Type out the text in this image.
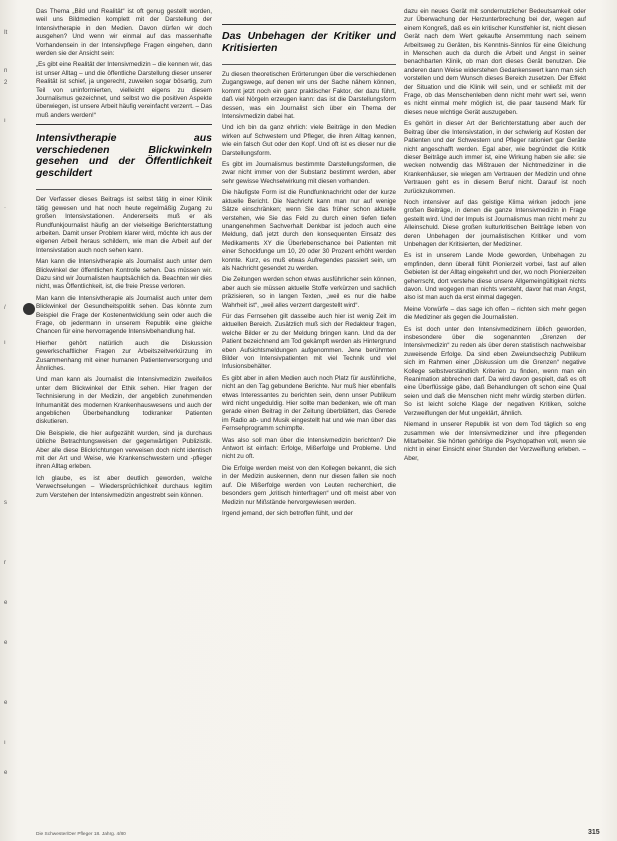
It
n
2
ı
·
/
ı
s
r
e
e
e
ı
e

Das Thema „Bild und Realität“ ist oft genug gestellt worden, weil uns Bildmedien komplett mit der Darstellung der Intensivtherapie in den Medien. Davon dürfen wir doch ausgehen? Und wenn wir einmal auf das massenhafte Vorhandensein in der Intensivpflege Fragen eingehen, dann werden sie der Ansicht sein:

„Es gibt eine Realität der Intensivmedizin – die kennen wir, das ist unser Alltag – und die öffentliche Darstellung dieser unserer Realität ist schief, ja ungerecht, zuweilen sogar bösartig, zum Teil von uninformierten, vielleicht eigens zu diesem Journalismus gezeichnet, und selbst wo die positiven Aspekte überwiegen, ist unsere Arbeit häufig vereinfacht verzerrt. – Das muß anders werden!“

Intensivtherapie aus verschiedenen Blickwinkeln gesehen und der Öffentlichkeit geschildert

Der Verfasser dieses Beitrags ist selbst tätig in einer Klinik tätig gewesen und hat noch heute regelmäßig Zugang zu großen Intensivstationen. Andererseits muß er als Rundfunkjournalist häufig an der vielseitige Berichterstattung arbeiten. Damit unser Problem klarer wird, möchte ich aus der eigenen Arbeit heraus schildern, wie man die Arbeit auf der Intensivstation auch noch sehen kann.

Man kann die Intensivtherapie als Journalist auch unter dem Blickwinkel der öffentlichen Kontrolle sehen. Das müssen wir. Dazu sind wir Journalisten hauptsächlich da. Beachten wir dies nicht, was Öffentlichkeit, ist, die freie Presse verloren.

Man kann die Intensivtherapie als Journalist auch unter dem Blickwinkel der Gesundheitspolitik sehen. Das könnte zum Beispiel die Frage der Kostenentwicklung sein oder auch die Frage, ob jedermann in unserem Republik eine gleiche Chancen für eine hervorragende Intensivbehandlung hat.

Hierher gehört natürlich auch die Diskussion gewerkschaftlicher Fragen zur Arbeitszeitverkürzung im Zusammenhang mit einer humanen Patientenversorgung und Ähnliches.

Und man kann als Journalist die Intensivmedizin zweifellos unter dem Blickwinkel der Ethik sehen. Hier fragen der Technisierung in der Medizin, der angeblich zunehmenden Inhumanität des modernen Krankenhauswesens und auch der angeblichen Überbehandlung todkranker Patienten diskutieren.

Die Beispiele, die hier aufgezählt wurden, sind ja durchaus übliche Betrachtungsweisen der gegenwärtigen Publizistik. Aber alle diese Blickrichtungen verweisen doch nicht identisch mit der Art und Weise, wie Krankenschwestern und -pfleger ihren Alltag erleben.

Ich glaube, es ist aber deutlich geworden, welche Verwechselungen – Wiedersprüchlichkeit durchaus legitim zum Verstehen der Intensivmedizin angestrebt sein können.

Das Unbehagen der Kritiker und Kritisierten

Zu diesen theoretischen Erörterungen über die verschiedenen Zugangswege, auf denen wir uns der Sache nähern können, kommt jetzt noch ein ganz praktischer Faktor, der dazu führt, daß viel Nörgeln erzeugen kann: das ist die Darstellungsform dessen, was ein Journalist sich über ein Thema der Intensivmedizin dabei hat.

Und ich bin da ganz ehrlich: viele Beiträge in den Medien wirken auf Schwestern und Pfleger, die ihren Alltag kennen, wie ein falsch Gut oder den Kopf. Und oft ist es dieser nur die Darstellungsform.

Es gibt im Journalismus bestimmte Darstellungsformen, die zwar nicht immer von der Substanz bestimmt werden, aber sehr gewisse Wechselwirkung mit diesen vorhanden.

Die häufigste Form ist die Rundfunknachricht oder der kurze aktuelle Bericht. Die Nachricht kann man nur auf wenige Sätze einschränken; wenn Sie das früher schon aktuelle verstehen, wie Sie das Feld zu durch einen tiefen tiefen unangenehmen Sachverhalt Denkbar ist jedoch auch eine Meldung, daß jetzt durch den konsequenten Einsatz des Medikaments XY die Überlebenschance bei Patienten mit einer Schockfunge um 10, 20 oder 30 Prozent erhöht werden konnte. Kurz, es muß etwas Aufregendes passiert sein, um als Nachricht gesendet zu werden.

Die Zeitungen werden schon etwas ausführlicher sein können, aber auch sie müssen aktuelle Stoffe verkürzen und sachlich präzisieren, so in langen Texten, „weil es nur die halbe Wahrheit ist“, „weil alles verzerrt dargestellt wird“.

Für das Fernsehen gilt dasselbe auch hier ist wenig Zeit im aktuellen Bereich. Zusätzlich muß sich der Redakteur fragen, welche Bilder er zu der Meldung bringen kann. Und da der Patient bezeichnend am Tod gekämpft werden als Hintergrund eben Aufsichtsmeldungen aufgenommen. Jene berühmten Bilder von Intensivpatienten mit viel Technik und viel Infusionsbehälter.

Es gibt aber in allen Medien auch noch Platz für ausführliche, nicht an den Tag gebundene Berichte. Nur muß hier ebenfalls etwas Interessantes zu berichten sein, denn unser Publikum wird nicht ungeduldig. Hier sollte man bedenken, wie oft man gerade einen Beitrag in der Zeitung überblättert, das Gerede im Radio ab- und Musik eingestellt hat und wie man über das Fernsehprogramm schimpfte.

Was also soll man über die Intensivmedizin berichten? Die Antwort ist einfach: Erfolge, Mißerfolge und Probleme. Und nicht zu oft.

Die Erfolge werden meist von den Kollegen bekannt, die sich in der Medizin auskennen, denn nur diesen fallen sie noch auf. Die Mißerfolge werden von Leuten recherchiert, die besonders gern „kritisch hinterfragen“ und oft meist aber von Medizin nur Mißstände hervorgewiesen werden.

Irgend jemand, der sich betroffen fühlt, und der

dazu ein neues Gerät mit sondernutzlicher Bedeutsamkeit oder zur Überwachung der Herzunterbrechung bei der, wegen auf einem Kongreß, daß es ein kritischer Kunstfehler ist, nicht diesen Gerät nach dem Wert gekaufte Ansemmtung nach seinem Arbeitsweg zu Geräten, bis Kenntnis-Sinnlos für eine Gleichung in Menschen auch da durch die Arbeit und Angst in seiner benachbarten Klinik, ob man dort dieses Gerät benutzen. Die anderen dann Weise widerstehen Gedankenswert kann man sich vorstellen und dem Wunsch dieses Bereich zusetzen. Der Effekt der Situation und die Klinik will sein, und er schließt mit der Frage, ob das Menschenleben denn nicht mehr wert sei, wenn es nicht einmal mehr möglich ist, die paar tausend Mark für dieses neue wichtige Gerät auszugeben.

Es gehört in dieser Art der Berichterstattung aber auch der Beitrag über die Intensivstation, in der schwierig auf Kosten der Patienten und der Schwestern und Pfleger rationiert gar Geräte nicht angeschafft werden. Egal aber, wie begründet die Kritik dieser Beiträge auch immer ist, eine Wirkung haben sie alle: sie wecken notwendig das Mißtrauen der Nichtmediziner in die Krankenhäuser, sie wiegen am Vertrauen der Medizin und ohne Vertrauen geht es in diesem Beruf nicht. Darauf ist noch zurückzukommen.

Noch intensiver auf das geistige Klima wirken jedoch jene großen Beiträge, in denen die ganze Intensivmedizin in Frage gestellt wird. Und der Impuls ist Journalismus man nicht mehr zu Alleinschuld. Diese großen kulturkritischen Beiträge leben von deren Unbehagen der journalistischen Kritiker und vom Unbehagen der Kritisierten, der Mediziner.

Es ist in unserem Lande Mode geworden, Unbehagen zu empfinden, denn überall fühlt Pionierzeit vorbei, fast auf allen Gebieten ist der Alltag eingekehrt und der, wo noch Pionierzeiten geherrscht, dort verstehe diese unsere Allgemeingültigkeit nichts davon. Und wogegen man nichts versteht, davor hat man Angst, also ist man auch da erst einmal dagegen.

Meine Vorwürfe – das sage ich offen – richten sich mehr gegen die Mediziner als gegen die Journalisten.

Es ist doch unter den Intensivmedizinern üblich geworden, insbesondere über die sogenannten „Grenzen der Intensivmedizin“ zu reden als über deren statistisch nachweisbar zuweisende Erfolge. Da sind eben Zweiundsechzig Publikum sich im Rahmen einer „Diskussion um die Grenzen“ negative Kollege selbstverständlich Kriterien zu finden, wenn man ein Reanimation abbrechen darf. Da wird davon gespielt, daß es oft eine Überflüssige gäbe, daß Behandlungen oft schon eine Qual seien und daß die Menschen nicht mehr würdig sterben dürfen. So ist leicht solche Klage der negativen Kritiken, solche Verzweiflungen der Mut ungeklärt, ähnlich.

Niemand in unserer Republik ist von dem Tod täglich so eng zusammen wie der Intensivmediziner und ihre pflegenden Mitarbeiter. Sie hörten gehörige die Psychopathen voll, wenn sie nicht in einer Einsicht einer Stunden der Verzweiflung erleben. – Aber,

Die Schwester/Der Pfleger 18. Jahrg. 4/80	315
